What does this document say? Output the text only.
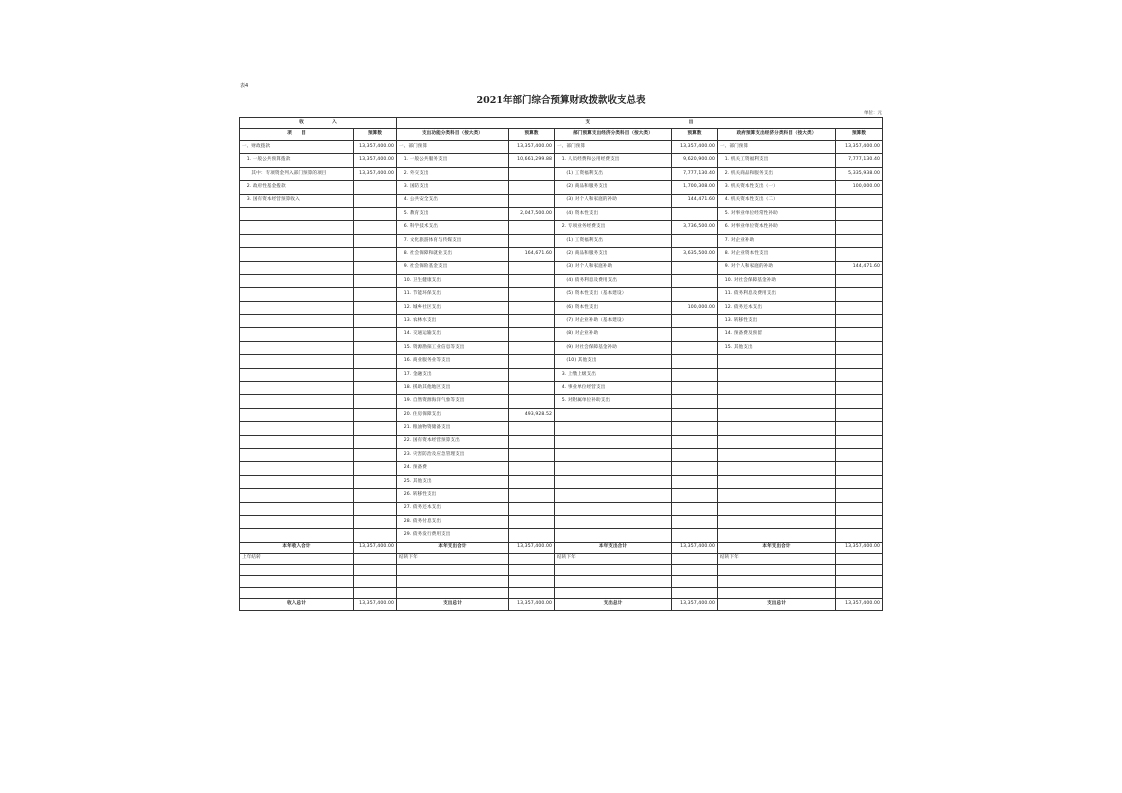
表4
2021年部门综合预算财政拨款收支总表
单位：元
收　　　　　　入		支　　　　　　　　　　　　　　　　　　　　　出					
项　　目	预算数	支出功能分类科目（按大类）	预算数	部门预算支出经济分类科目（按大类）	预算数	政府预算支出经济分类科目（按大类）	预算数
一、财政拨款	13,357,400.00	一、部门预算	13,357,400.00	一、部门预算	13,357,400.00	一、部门预算	13,357,400.00
　1. 一般公共预算拨款	13,357,400.00	　1. 一般公共服务支出	10,661,299.88	　1. 人员经费和公用经费支出	9,620,900.00	　1. 机关工资福利支出	7,777,130.40
　　其中：专项资金列入部门预算的项目	13,357,400.00	　2. 外交支出		　　(1) 工资福利支出	7,777,130.40	　2. 机关商品和服务支出	5,335,938.00
　2. 政府性基金拨款		　3. 国防支出		　　(2) 商品和服务支出	1,700,308.00	　3. 机关资本性支出（一）	100,000.00
　3. 国有资本经营预算收入		　4. 公共安全支出		　　(3) 对个人和家庭的补助	144,471.60	　4. 机关资本性支出（二）	
		　5. 教育支出	2,047,500.00	　　(4) 资本性支出		　5. 对事业单位经常性补助	
		　6. 科学技术支出		　2. 专项业务经费支出	3,736,500.00	　6. 对事业单位资本性补助	
		　7. 文化旅游体育与传媒支出		　　(1) 工资福利支出		　7. 对企业补助	
		　8. 社会保障和就业支出	164,671.60	　　(2) 商品和服务支出	3,635,500.00	　8. 对企业资本性支出	
		　9. 社会保险基金支出		　　(3) 对个人和家庭补助		　9. 对个人和家庭的补助	144,471.60
		　10. 卫生健康支出		　　(4) 债务利息及费用支出		　10. 对社会保障基金补助	
		　11. 节能环保支出		　　(5) 资本性支出（基本建设）		　11. 债务利息及费用支出	
		　12. 城乡社区支出		　　(6) 资本性支出	100,000.00	　12. 债务还本支出	
		　13. 农林水支出		　　(7) 对企业补助（基本建设）		　13. 转移性支出	
		　14. 交通运输支出		　　(8) 对企业补助		　14. 预备费及预留	
		　15. 资源勘探工业信息等支出		　　(9) 对社会保障基金补助		　15. 其他支出	
		　16. 商业服务业等支出		　　(10) 其他支出			
		　17. 金融支出		　3. 上缴上级支出			
		　18. 援助其他地区支出		　4. 事业单位经营支出			
		　19. 自然资源海洋气象等支出		　5. 对附属单位补助支出			
		　20. 住房保障支出	493,928.52				
		　21. 粮油物资储备支出					
		　22. 国有资本经营预算支出					
		　23. 灾害防治及应急管理支出					
		　24. 预备费					
		　25. 其他支出					
		　26. 转移性支出					
		　27. 债务还本支出					
		　28. 债务付息支出					
		　29. 债务发行费用支出					
本年收入合计	13,357,400.00	本年支出合计	13,357,400.00	本年支出合计	13,357,400.00	本年支出合计	13,357,400.00
上年结转		结转下年		结转下年		结转下年	

收入总计	13,357,400.00	支出总计	13,357,400.00	支出总计	13,357,400.00	支出总计	13,357,400.00
